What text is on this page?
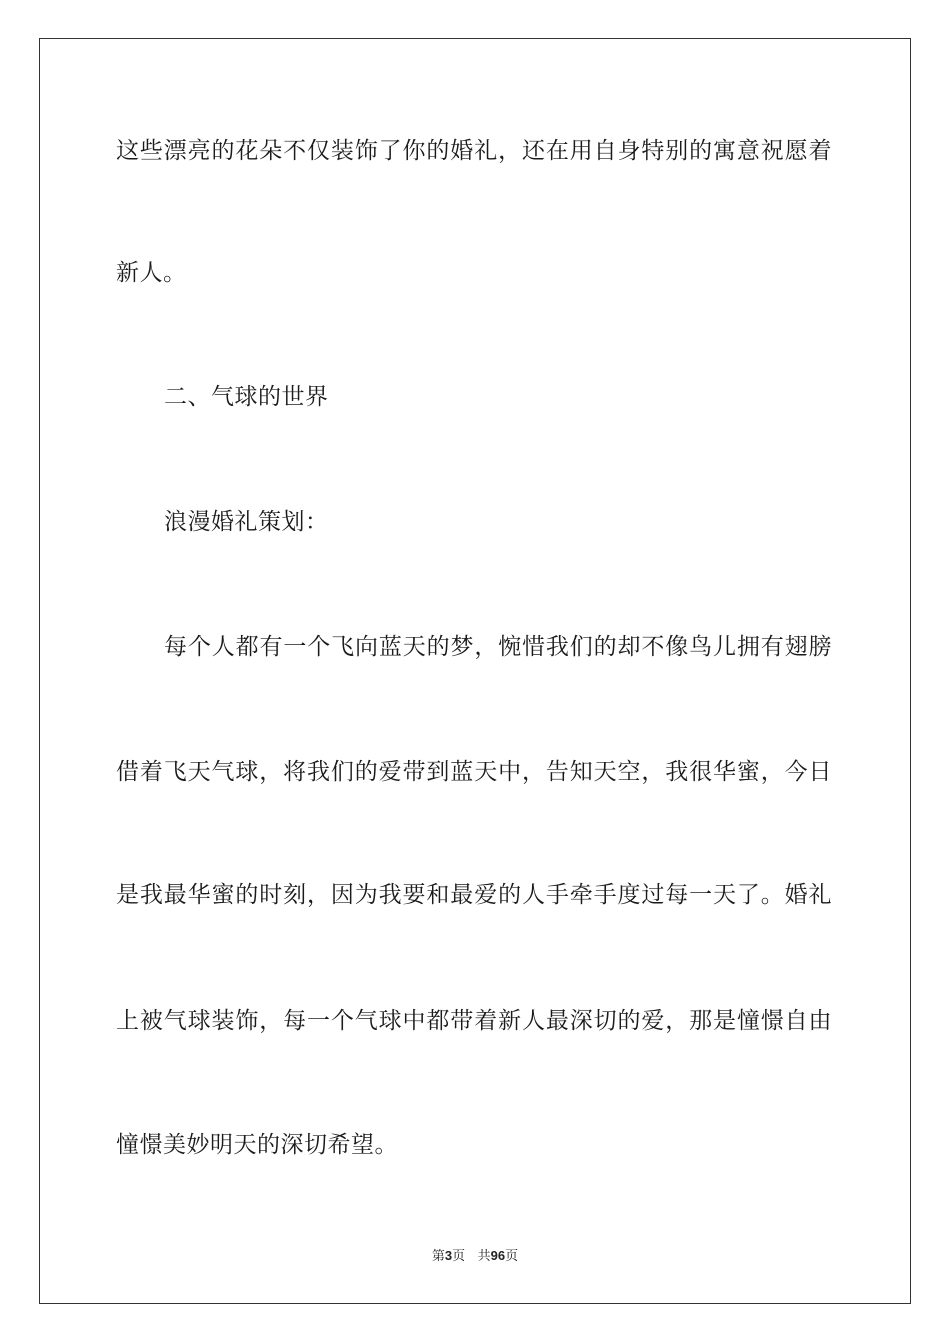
这些漂亮的花朵不仅装饰了你的婚礼，还在用自身特别的寓意祝愿着
新人。
二、气球的世界
浪漫婚礼策划：
每个人都有一个飞向蓝天的梦，惋惜我们的却不像鸟儿拥有翅膀
借着飞天气球，将我们的爱带到蓝天中，告知天空，我很华蜜，今日
是我最华蜜的时刻，因为我要和最爱的人手牵手度过每一天了。婚礼
上被气球装饰，每一个气球中都带着新人最深切的爱，那是憧憬自由
憧憬美妙明天的深切希望。
第3页 共96页
